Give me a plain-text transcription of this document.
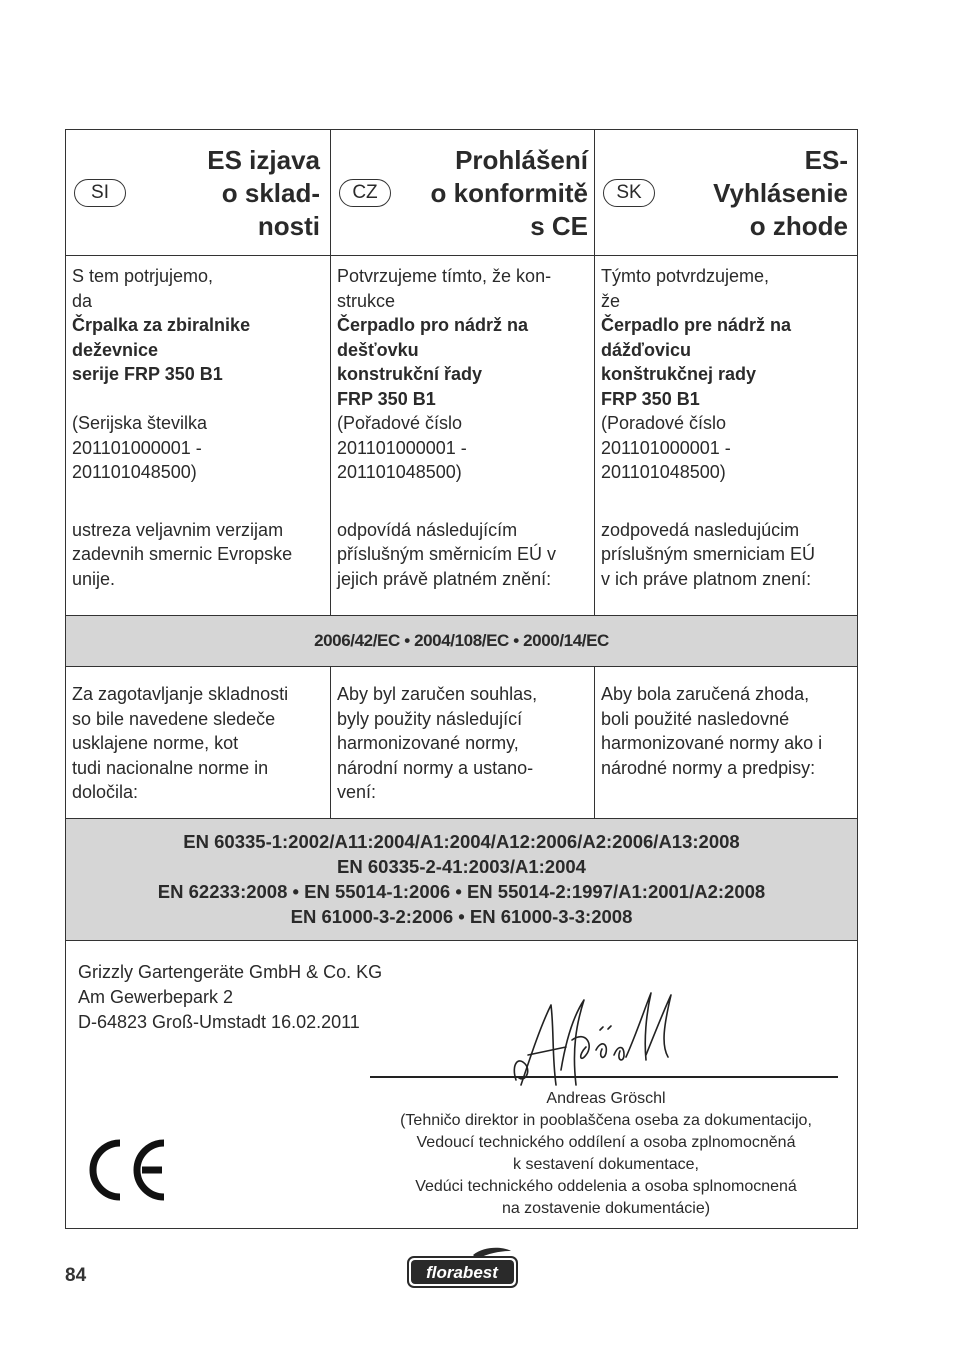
SI
ES izjava
o sklad-
nosti
CZ
Prohlášení
o konformitě
s CE
SK
ES-
Vyhlásenie
o zhode

S tem potrjujemo,

da

Črpalka za zbiralnike

deževnice

serije FRP 350 B1

(Serijska številka

201101000001 -

201101048500)

ustreza veljavnim verzijam

zadevnih smernic Evropske

unije.

Potvrzujeme tímto, že kon-

strukce

Čerpadlo pro nádrž na

dešťovku

konstrukční řady

FRP 350 B1

(Pořadové číslo

201101000001 -

201101048500)

odpovídá následujícím

příslušným směrnicím EÚ v

jejich právě platném znění:

Týmto potvrdzujeme,

že

Čerpadlo pre nádrž na

dážďovicu

konštrukčnej rady

FRP 350 B1

(Poradové číslo

201101000001 -

201101048500)

zodpovedá nasledujúcim

príslušným smerniciam EÚ

v ich práve platnom znení:

2006/42/EC • 2004/108/EC • 2000/14/EC

Za zagotavljanje skladnosti

so bile navedene sledeče

usklajene norme, kot

tudi nacionalne norme in

določila:

Aby byl zaručen souhlas,

byly použity následující

harmonizované normy,

národní normy a ustano-

vení:

Aby bola zaručená zhoda,

boli použité nasledovné

harmonizované normy ako i

národné normy a predpisy:

EN 60335-1:2002/A11:2004/A1:2004/A12:2006/A2:2006/A13:2008

EN 60335-2-41:2003/A1:2004

EN 62233:2008 • EN 55014-1:2006 • EN 55014-2:1997/A1:2001/A2:2008

EN 61000-3-2:2006 • EN 61000-3-3:2008

Grizzly Gartengeräte GmbH & Co. KG

Am Gewerbepark 2

D-64823 Groß-Umstadt 16.02.2011

Andreas Gröschl

(Tehničo direktor in pooblaščena oseba za dokumentacijo,

Vedoucí technického oddílení a osoba zplnomocněná

k sestavení dokumentace,

Vedúci technického oddelenia a osoba splnomocnená

na zostavenie dokumentácie)

84	florabest
